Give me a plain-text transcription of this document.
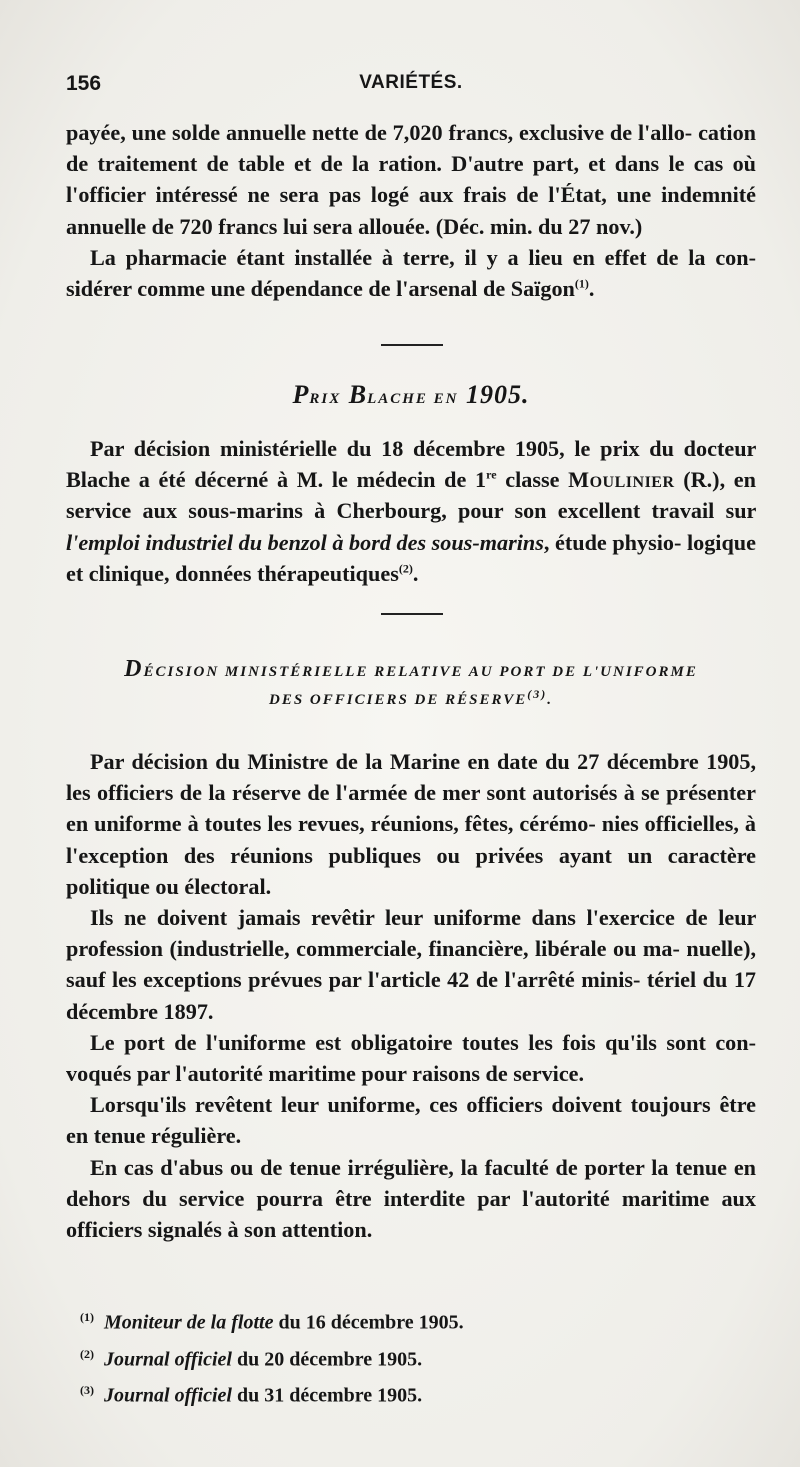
156	VARIÉTÉS.

payée, une solde annuelle nette de 7,020 francs, exclusive de l'allo- cation de traitement de table et de la ration. D'autre part, et dans le cas où l'officier intéressé ne sera pas logé aux frais de l'État, une indemnité annuelle de 720 francs lui sera allouée. (Déc. min. du 27 nov.)

La pharmacie étant installée à terre, il y a lieu en effet de la con- sidérer comme une dépendance de l'arsenal de Saïgon$^{(1)}$.

PRIX BLACHE EN 1905.

Par décision ministérielle du 18 décembre 1905, le prix du docteur Blache a été décerné à M. le médecin de 1re classe Moulinier (R.), en service aux sous-marins à Cherbourg, pour son excellent travail sur l'emploi industriel du benzol à bord des sous-marins, étude physio- logique et clinique, données thérapeutiques$^{(2)}$.

DÉCISION MINISTÉRIELLE RELATIVE AU PORT DE L'UNIFORME
DES OFFICIERS DE RÉSERVE$^{(3)}$.

Par décision du Ministre de la Marine en date du 27 décembre 1905, les officiers de la réserve de l'armée de mer sont autorisés à se présenter en uniforme à toutes les revues, réunions, fêtes, cérémo- nies officielles, à l'exception des réunions publiques ou privées ayant un caractère politique ou électoral.

Ils ne doivent jamais revêtir leur uniforme dans l'exercice de leur profession (industrielle, commerciale, financière, libérale ou ma- nuelle), sauf les exceptions prévues par l'article 42 de l'arrêté minis- tériel du 17 décembre 1897.

Le port de l'uniforme est obligatoire toutes les fois qu'ils sont con- voqués par l'autorité maritime pour raisons de service.

Lorsqu'ils revêtent leur uniforme, ces officiers doivent toujours être en tenue régulière.

En cas d'abus ou de tenue irrégulière, la faculté de porter la tenue en dehors du service pourra être interdite par l'autorité maritime aux officiers signalés à son attention.

$^{(1)}$ Moniteur de la flotte du 16 décembre 1905.

$^{(2)}$ Journal officiel du 20 décembre 1905.

$^{(3)}$ Journal officiel du 31 décembre 1905.
